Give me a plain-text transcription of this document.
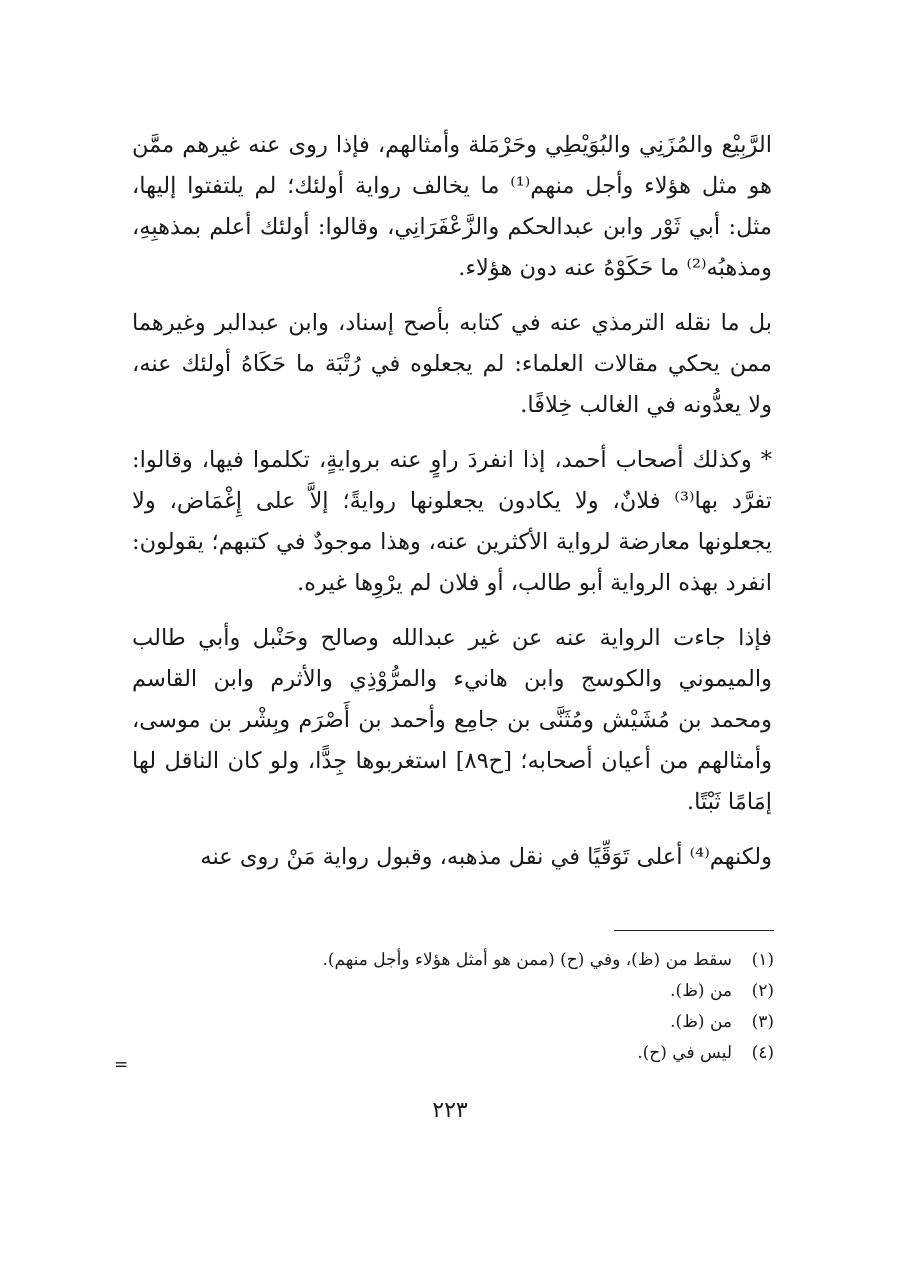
الرَّبِيْع والمُزَنِي والبُوَيْطِي وحَرْمَلة وأمثالهم، فإذا روى عنه غيرهم ممَّن هو مثل هؤلاء وأجل منهم⁽¹⁾ ما يخالف رواية أولئك؛ لم يلتفتوا إليها، مثل: أبي ثَوْر وابن عبدالحكم والزَّعْفَرَانِي، وقالوا: أولئك أعلم بمذهبِهِ، ومذهبُه⁽²⁾ ما حَكَوْهُ عنه دون هؤلاء.

بل ما نقله الترمذي عنه في كتابه بأصح إسناد، وابن عبدالبر وغيرهما ممن يحكي مقالات العلماء: لم يجعلوه في رُتْبَة ما حَكَاهُ أولئك عنه، ولا يعدُّونه في الغالب خِلافًا.

* وكذلك أصحاب أحمد، إذا انفردَ راوٍ عنه بروايةٍ، تكلموا فيها، وقالوا: تفرَّد بها⁽³⁾ فلانٌ، ولا يكادون يجعلونها روايةً؛ إلاَّ على إِغْمَاض، ولا يجعلونها معارضة لرواية الأكثرين عنه، وهذا موجودٌ في كتبهم؛ يقولون: انفرد بهذه الرواية أبو طالب، أو فلان لم يرْوِها غيره.

فإذا جاءت الرواية عنه عن غير عبدالله وصالح وحَنْبل وأبي طالب والميموني والكوسج وابن هانيء والمرُّوْذِي والأثرم وابن القاسم ومحمد بن مُشَيْش ومُثَنَّى بن جامِع وأحمد بن أَصْرَم وبِشْر بن موسى، وأمثالهم من أعيان أصحابه؛ [ح٨٩] استغربوها جِدًّا، ولو كان الناقل لها إمَامًا ثَبْتًا.

ولكنهم⁽⁴⁾ أعلى تَوَقِّيًا في نقل مذهبه، وقبول رواية مَنْ روى عنه

(١)سقط من (ظ)، وفي (ح) (ممن هو أمثل هؤلاء وأجل منهم).
(٢)من (ظ).
(٣)من (ظ).
(٤)ليس في (ح).
=
٢٢٣
